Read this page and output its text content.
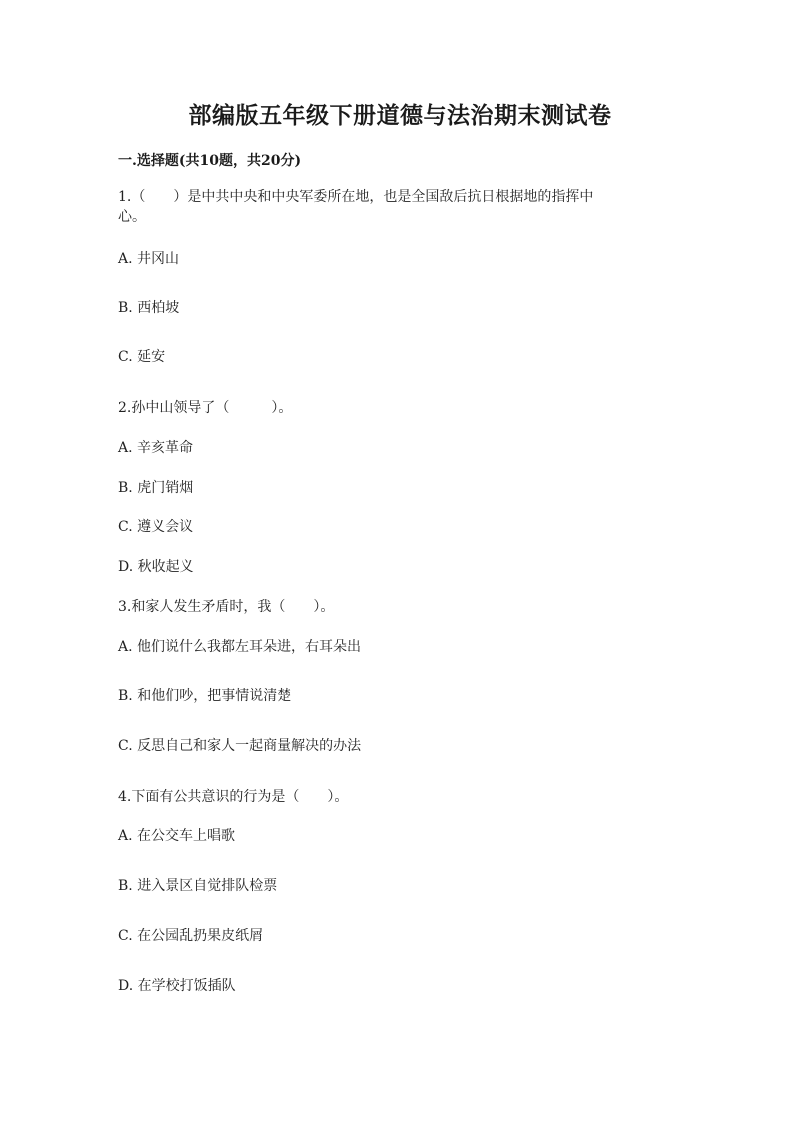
部编版五年级下册道德与法治期末测试卷
一.选择题(共10题，共20分)
1.（　　）是中共中央和中央军委所在地，也是全国敌后抗日根据地的指挥中
心。
A. 井冈山
B. 西柏坡
C. 延安
2.孙中山领导了（　　　）。
A. 辛亥革命
B. 虎门销烟
C. 遵义会议
D. 秋收起义
3.和家人发生矛盾时，我（　　）。
A. 他们说什么我都左耳朵进，右耳朵出
B. 和他们吵，把事情说清楚
C. 反思自己和家人一起商量解决的办法
4.下面有公共意识的行为是（　　）。
A. 在公交车上唱歌
B. 进入景区自觉排队检票
C. 在公园乱扔果皮纸屑
D. 在学校打饭插队
